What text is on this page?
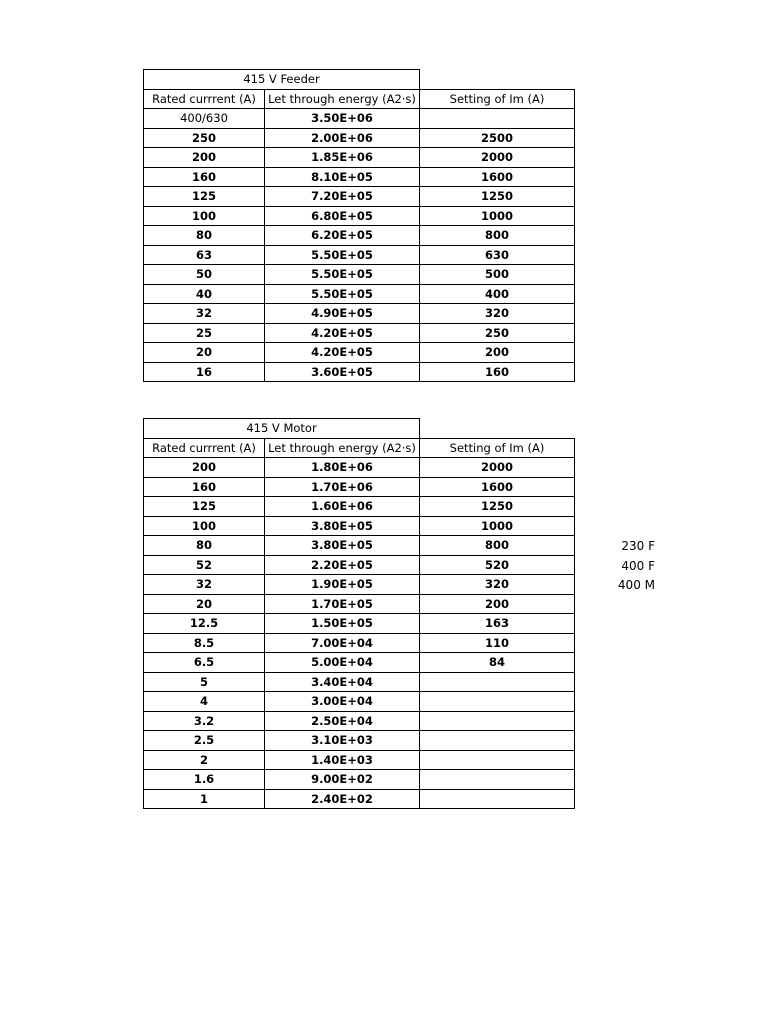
415 V Feeder		
Rated currrent (A)	Let through energy (A2·s)	Setting of Im (A)
400/630	3.50E+06	
250	2.00E+06	2500
200	1.85E+06	2000
160	8.10E+05	1600
125	7.20E+05	1250
100	6.80E+05	1000
80	6.20E+05	800
63	5.50E+05	630
50	5.50E+05	500
40	5.50E+05	400
32	4.90E+05	320
25	4.20E+05	250
20	4.20E+05	200
16	3.60E+05	160
415 V Motor		
Rated currrent (A)	Let through energy (A2·s)	Setting of Im (A)
200	1.80E+06	2000
160	1.70E+06	1600
125	1.60E+06	1250
100	3.80E+05	1000
80	3.80E+05	800
52	2.20E+05	520
32	1.90E+05	320
20	1.70E+05	200
12.5	1.50E+05	163
8.5	7.00E+04	110
6.5	5.00E+04	84
5	3.40E+04	
4	3.00E+04	
3.2	2.50E+04	
2.5	3.10E+03	
2	1.40E+03	
1.6	9.00E+02	
1	2.40E+02	
230 F
400 F
400 M
